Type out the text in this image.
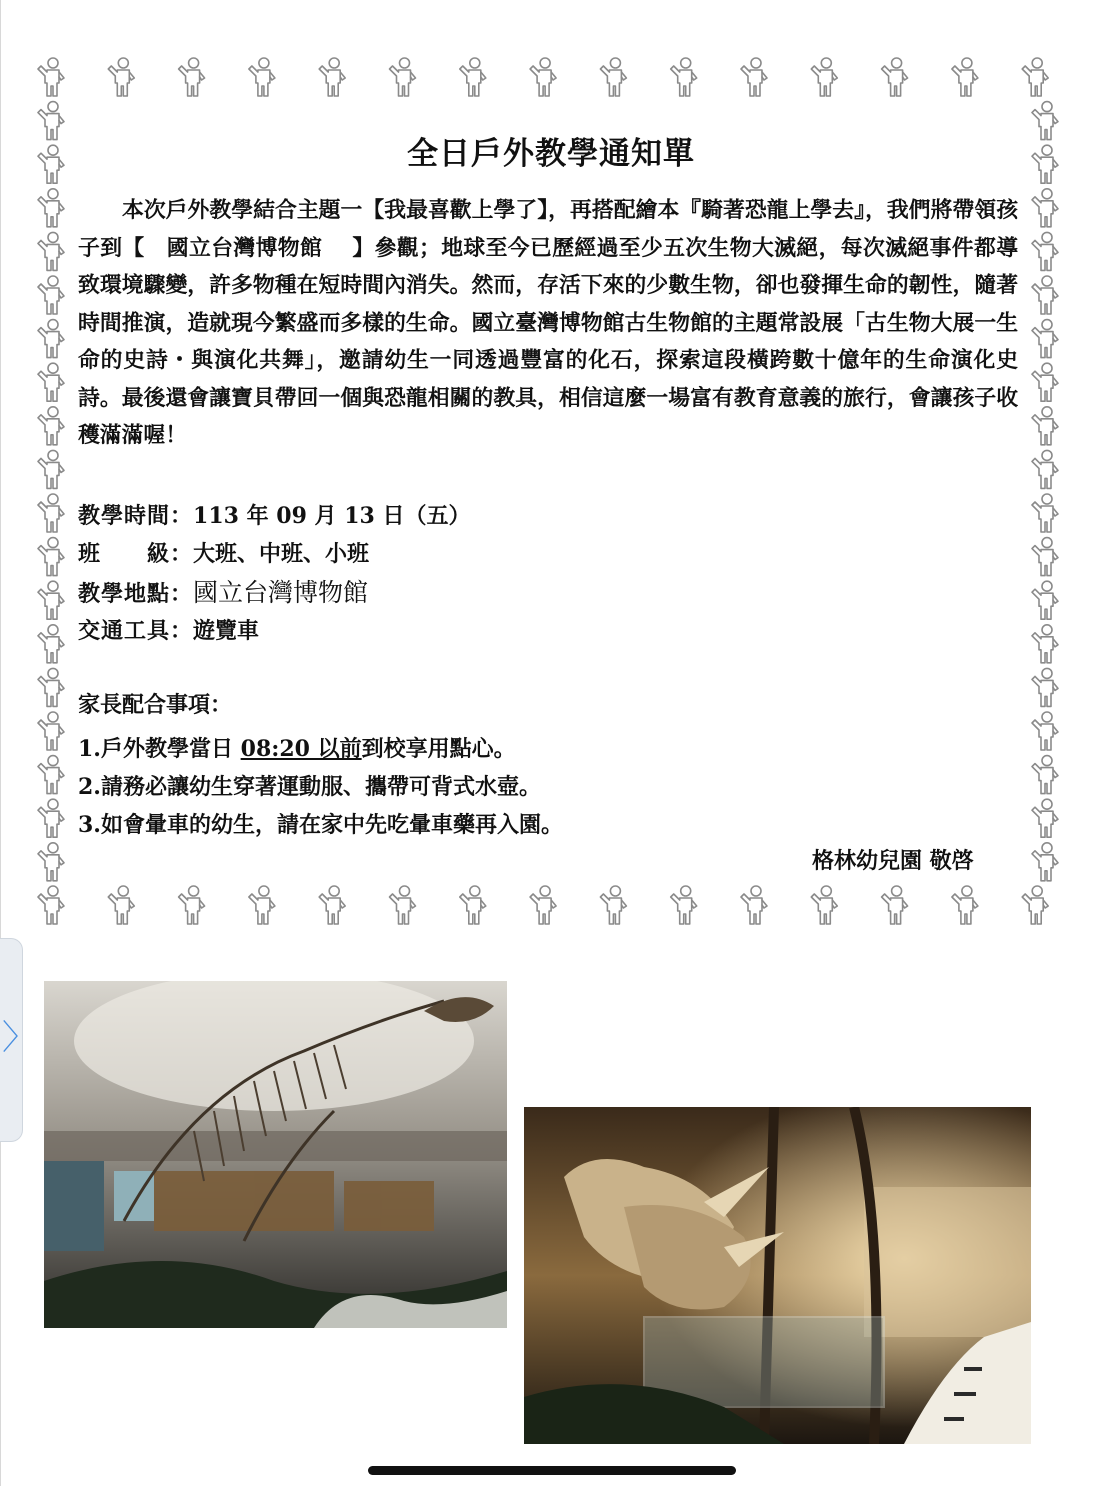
〉
全日戶外教學通知單

本次戶外教學結合主題一【我最喜歡上學了】，再搭配繪本『騎著恐龍上學去』，我們將帶領孩子到【　國立台灣博物館　 】參觀；地球至今已歷經過至少五次生物大滅絕，每次滅絕事件都導致環境驟變，許多物種在短時間內消失。然而，存活下來的少數生物，卻也發揮生命的韌性，隨著時間推演，造就現今繁盛而多樣的生命。國立臺灣博物館古生物館的主題常設展「古生物大展一生命的史詩・與演化共舞」，邀請幼生一同透過豐富的化石，探索這段橫跨數十億年的生命演化史詩。最後還會讓寶貝帶回一個與恐龍相關的教具，相信這麼一場富有教育意義的旅行，會讓孩子收穫滿滿喔！

教學時間：113 年 09 月 13 日（五）
班　　級：大班、中班、小班
教學地點：國立台灣博物館
交通工具：遊覽車
家長配合事項：
1.戶外教學當日 08:20 以前到校享用點心。
2.請務必讓幼生穿著運動服、攜帶可背式水壺。
3.如會暈車的幼生，請在家中先吃暈車藥再入園。
格林幼兒園 敬啓
